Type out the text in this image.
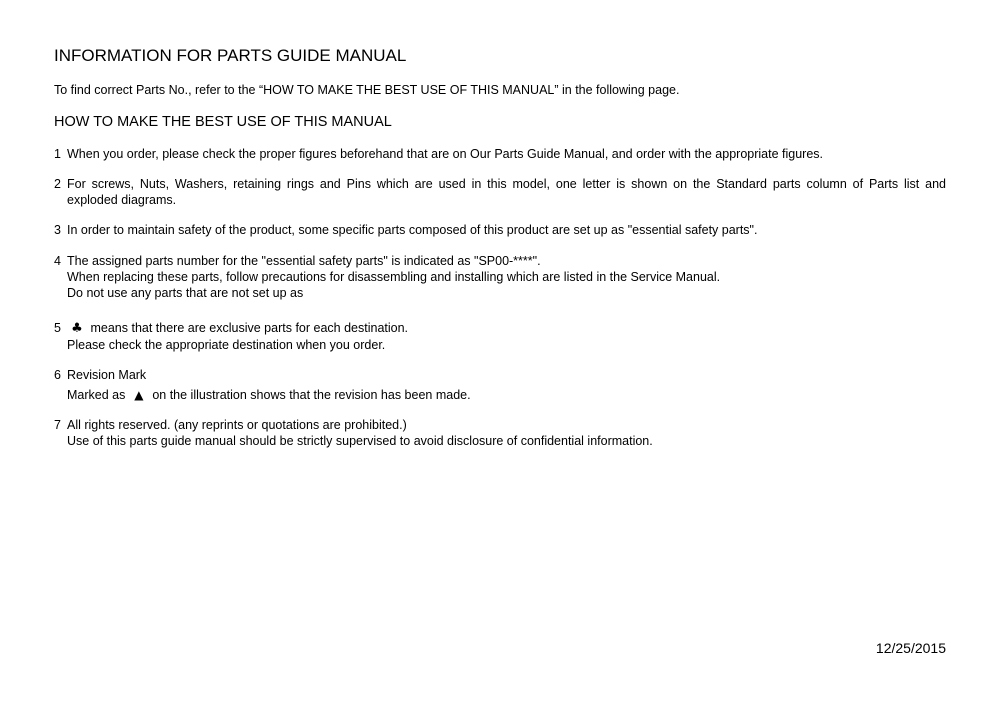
INFORMATION FOR PARTS GUIDE MANUAL
To find correct Parts No., refer to the “HOW TO MAKE THE BEST USE OF THIS MANUAL” in the following page.
HOW TO MAKE THE BEST USE OF THIS MANUAL
1 When you order, please check the proper figures beforehand that are on Our Parts Guide Manual, and order with the appropriate figures.
2 For screws, Nuts, Washers, retaining rings and Pins which are used in this model, one letter is shown on the Standard parts column of Parts list and
exploded diagrams.
3 In order to maintain safety of the product, some specific parts composed of this product are set up as "essential safety parts".
4 The assigned parts number for the "essential safety parts" is indicated as "SP00-****".
When replacing these parts, follow precautions for disassembling and installing which are listed in the Service Manual.
Do not use any parts that are not set up as
5 ♣ means that there are exclusive parts for each destination.
Please check the appropriate destination when you order.
6 Revision Mark
Marked as ▲ on the illustration shows that the revision has been made.
7 All rights reserved. (any reprints or quotations are prohibited.)
Use of this parts guide manual should be strictly supervised to avoid disclosure of confidential information.
12/25/2015
